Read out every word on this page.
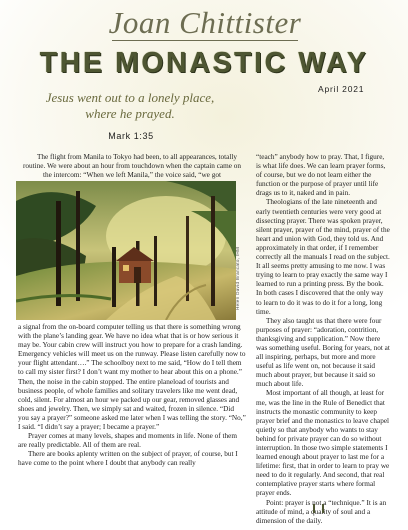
Joan Chittister
THE MONASTIC WAY
April 2021
Jesus went out to a lonely place,
where he prayed.
Mark 1:35

The flight from Manila to Tokyo had been, to all appearances, totally routine. We were about an hour from touchdown when the captain came on the intercom: “When we left Manila,” the voice said, “we got

Helen David Brancato, IHM

a signal from the on-board computer telling us that there is something wrong with the plane’s landing gear. We have no idea what that is or how serious it may be. Your cabin crew will instruct you how to prepare for a crash landing. Emergency vehicles will meet us on the runway. Please listen carefully now to your flight attendant….” The schoolboy next to me said, “How do I tell them to call my sister first? I don’t want my mother to hear about this on a phone.” Then, the noise in the cabin stopped. The entire planeload of tourists and business people, of whole families and solitary travelers like me went dead, cold, silent. For almost an hour we packed up our gear, removed glasses and shoes and jewelry. Then, we simply sat and waited, frozen in silence. “Did you say a prayer?” someone asked me later when I was telling the story. “No,” I said. “I didn’t say a prayer; I became a prayer.”

Prayer comes at many levels, shapes and moments in life. None of them are really predictable. All of them are real.

There are books aplenty written on the subject of prayer, of course, but I have come to the point where I doubt that anybody can really

“teach” anybody how to pray. That, I figure, is what life does. We can learn prayer forms, of course, but we do not learn either the function or the purpose of prayer until life drags us to it, naked and in pain.

Theologians of the late nineteenth and early twentieth centuries were very good at dissecting prayer. There was spoken prayer, silent prayer, prayer of the mind, prayer of the heart and union with God, they told us. And approximately in that order, if I remember correctly all the manuals I read on the subject. It all seems pretty amusing to me now. I was trying to learn to pray exactly the same way I learned to run a printing press. By the book. In both cases I discovered that the only way to learn to do it was to do it for a long, long time.

They also taught us that there were four purposes of prayer: “adoration, contrition, thanksgiving and supplication.” Now there was something useful. Boring for years, not at all inspiring, perhaps, but more and more useful as life went on, not because it said much about prayer, but because it said so much about life.

Most important of all though, at least for me, was the line in the Rule of Benedict that instructs the monastic community to keep prayer brief and the monastics to leave chapel quietly so that anybody who wants to stay behind for private prayer can do so without interruption. In those two simple statements I learned enough about prayer to last me for a lifetime: first, that in order to learn to pray we need to do it regularly. And second, that real contemplative prayer starts where formal prayer ends.

Point: prayer is not a “technique.” It is an attitude of mind, a quality of soul and a dimension of the daily.
